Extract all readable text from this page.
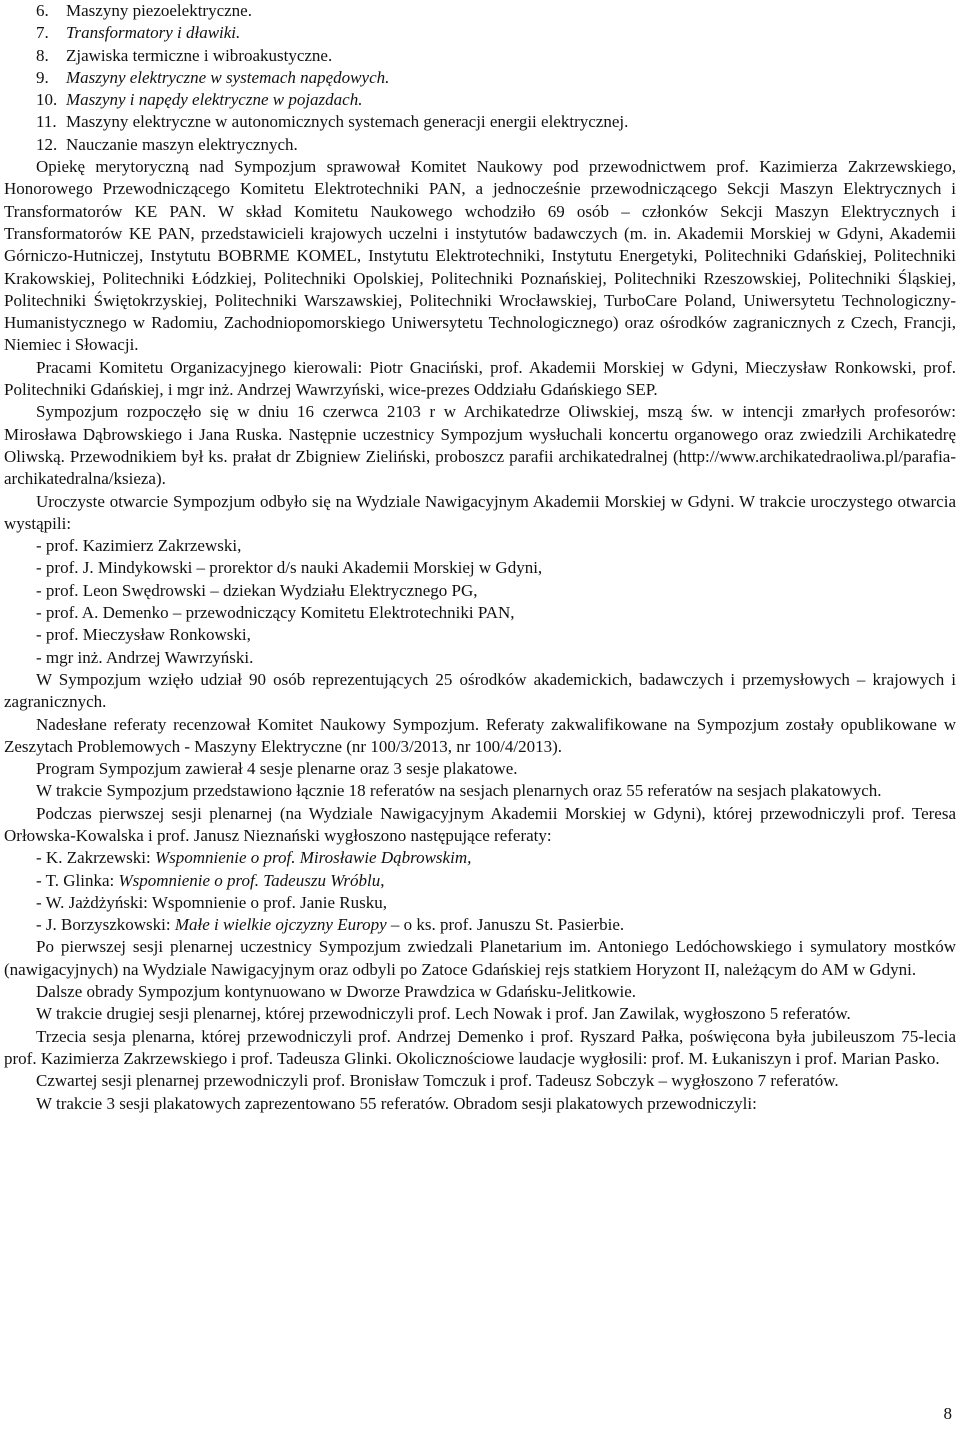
6. Maszyny piezoelektryczne.
7. Transformatory i dławiki.
8. Zjawiska termiczne i wibroakustyczne.
9. Maszyny elektryczne w systemach napędowych.
10. Maszyny i napędy elektryczne w pojazdach.
11. Maszyny elektryczne w autonomicznych systemach generacji energii elektrycznej.
12. Nauczanie maszyn elektrycznych.

Opiekę merytoryczną nad Sympozjum sprawował Komitet Naukowy pod przewodnictwem prof. Kazimierza Zakrzewskiego, Honorowego Przewodniczącego Komitetu Elektrotechniki PAN, a jednocześnie przewodniczącego Sekcji Maszyn Elektrycznych i Transformatorów KE PAN. W skład Komitetu Naukowego wchodziło 69 osób – członków Sekcji Maszyn Elektrycznych i Transformatorów KE PAN, przedstawicieli krajowych uczelni i instytutów badawczych (m. in. Akademii Morskiej w Gdyni, Akademii Górniczo-Hutniczej, Instytutu BOBRME KOMEL, Instytutu Elektrotechniki, Instytutu Energetyki, Politechniki Gdańskiej, Politechniki Krakowskiej, Politechniki Łódzkiej, Politechniki Opolskiej, Politechniki Poznańskiej, Politechniki Rzeszowskiej, Politechniki Śląskiej, Politechniki Świętokrzyskiej, Politechniki Warszawskiej, Politechniki Wrocławskiej, TurboCare Poland, Uniwersytetu Technologiczny-Humanistycznego w Radomiu, Zachodniopomorskiego Uniwersytetu Technologicznego) oraz ośrodków zagranicznych z Czech, Francji, Niemiec i Słowacji.

Pracami Komitetu Organizacyjnego kierowali: Piotr Gnaciński, prof. Akademii Morskiej w Gdyni, Mieczysław Ronkowski, prof. Politechniki Gdańskiej, i mgr inż. Andrzej Wawrzyński, wice-prezes Oddziału Gdańskiego SEP.

Sympozjum rozpoczęło się w dniu 16 czerwca 2103 r w Archikatedrze Oliwskiej, mszą św. w intencji zmarłych profesorów: Mirosława Dąbrowskiego i Jana Ruska. Następnie uczestnicy Sympozjum wysłuchali koncertu organowego oraz zwiedzili Archikatedrę Oliwską. Przewodnikiem był ks. prałat dr Zbigniew Zieliński, proboszcz parafii archikatedralnej (http://www.archikatedraoliwa.pl/parafia-archikatedralna/ksieza).

Uroczyste otwarcie Sympozjum odbyło się na Wydziale Nawigacyjnym Akademii Morskiej w Gdyni. W trakcie uroczystego otwarcia wystąpili:

- prof. Kazimierz Zakrzewski,

- prof. J. Mindykowski – prorektor d/s nauki Akademii Morskiej w Gdyni,

- prof. Leon Swędrowski – dziekan Wydziału Elektrycznego PG,

- prof. A. Demenko – przewodniczący Komitetu Elektrotechniki PAN,

- prof. Mieczysław Ronkowski,

- mgr inż. Andrzej Wawrzyński.

W Sympozjum wzięło udział 90 osób reprezentujących 25 ośrodków akademickich, badawczych i przemysłowych – krajowych i zagranicznych.

Nadesłane referaty recenzował Komitet Naukowy Sympozjum. Referaty zakwalifikowane na Sympozjum zostały opublikowane w Zeszytach Problemowych - Maszyny Elektryczne (nr 100/3/2013, nr 100/4/2013).

Program Sympozjum zawierał 4 sesje plenarne oraz 3 sesje plakatowe.

W trakcie Sympozjum przedstawiono łącznie 18 referatów na sesjach plenarnych oraz 55 referatów na sesjach plakatowych.

Podczas pierwszej sesji plenarnej (na Wydziale Nawigacyjnym Akademii Morskiej w Gdyni), której przewodniczyli prof. Teresa Orłowska-Kowalska i prof. Janusz Nieznański wygłoszono następujące referaty:

- K. Zakrzewski: Wspomnienie o prof. Mirosławie Dąbrowskim,

- T. Glinka: Wspomnienie o prof. Tadeuszu Wróblu,

- W. Jażdżyński: Wspomnienie o prof. Janie Rusku,

- J. Borzyszkowski: Małe i wielkie ojczyzny Europy – o ks. prof. Januszu St. Pasierbie.

Po pierwszej sesji plenarnej uczestnicy Sympozjum zwiedzali Planetarium im. Antoniego Ledóchowskiego i symulatory mostków (nawigacyjnych) na Wydziale Nawigacyjnym oraz odbyli po Zatoce Gdańskiej rejs statkiem Horyzont II, należącym do AM w Gdyni.

Dalsze obrady Sympozjum kontynuowano w Dworze Prawdzica w Gdańsku-Jelitkowie.

W trakcie drugiej sesji plenarnej, której przewodniczyli prof. Lech Nowak i prof. Jan Zawilak, wygłoszono 5 referatów.

Trzecia sesja plenarna, której przewodniczyli prof. Andrzej Demenko i prof. Ryszard Pałka, poświęcona była jubileuszom 75-lecia prof. Kazimierza Zakrzewskiego i prof. Tadeusza Glinki. Okolicznościowe laudacje wygłosili: prof. M. Łukaniszyn i prof. Marian Pasko.

Czwartej sesji plenarnej przewodniczyli prof. Bronisław Tomczuk i prof. Tadeusz Sobczyk – wygłoszono 7 referatów.

W trakcie 3 sesji plakatowych zaprezentowano 55 referatów. Obradom sesji plakatowych przewodniczyli:

8
